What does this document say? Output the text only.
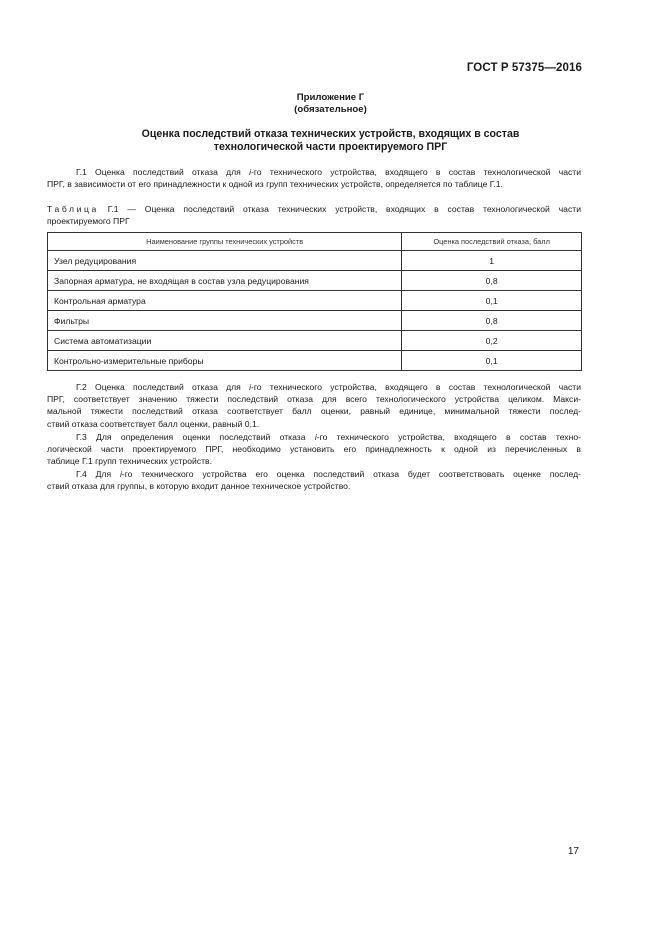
ГОСТ Р 57375—2016
Приложение Г
(обязательное)
Оценка последствий отказа технических устройств, входящих в состав
технологической части проектируемого ПРГ
Г.1 Оценка последствий отказа для i-го технического устройства, входящего в состав технологической части
ПРГ, в зависимости от его принадлежности к одной из групп технических устройств, определяется по таблице Г.1.
Таблица Г.1 — Оценка последствий отказа технических устройств, входящих в состав технологической части
проектируемого ПРГ
Наименование группы технических устройств	Оценка последствий отказа, балл
Узел редуцирования	1
Запорная арматура, не входящая в состав узла редуцирования	0,8
Контрольная арматура	0,1
Фильтры	0,8
Система автоматизации	0,2
Контрольно-измерительные приборы	0,1
Г.2 Оценка последствий отказа для i-го технического устройства, входящего в состав технологической части
ПРГ, соответствует значению тяжести последствий отказа для всего технологического устройства целиком. Макси-
мальной тяжести последствий отказа соответствует балл оценки, равный единице, минимальной тяжести послед-
ствий отказа соответствует балл оценки, равный 0,1.
Г.3 Для определения оценки последствий отказа i-го технического устройства, входящего в состав техно-
логической части проектируемого ПРГ, необходимо установить его принадлежность к одной из перечисленных в
таблице Г.1 групп технических устройств.
Г.4 Для i-го технического устройства его оценка последствий отказа будет соответствовать оценке послед-
ствий отказа для группы, в которую входит данное техническое устройство.
17
